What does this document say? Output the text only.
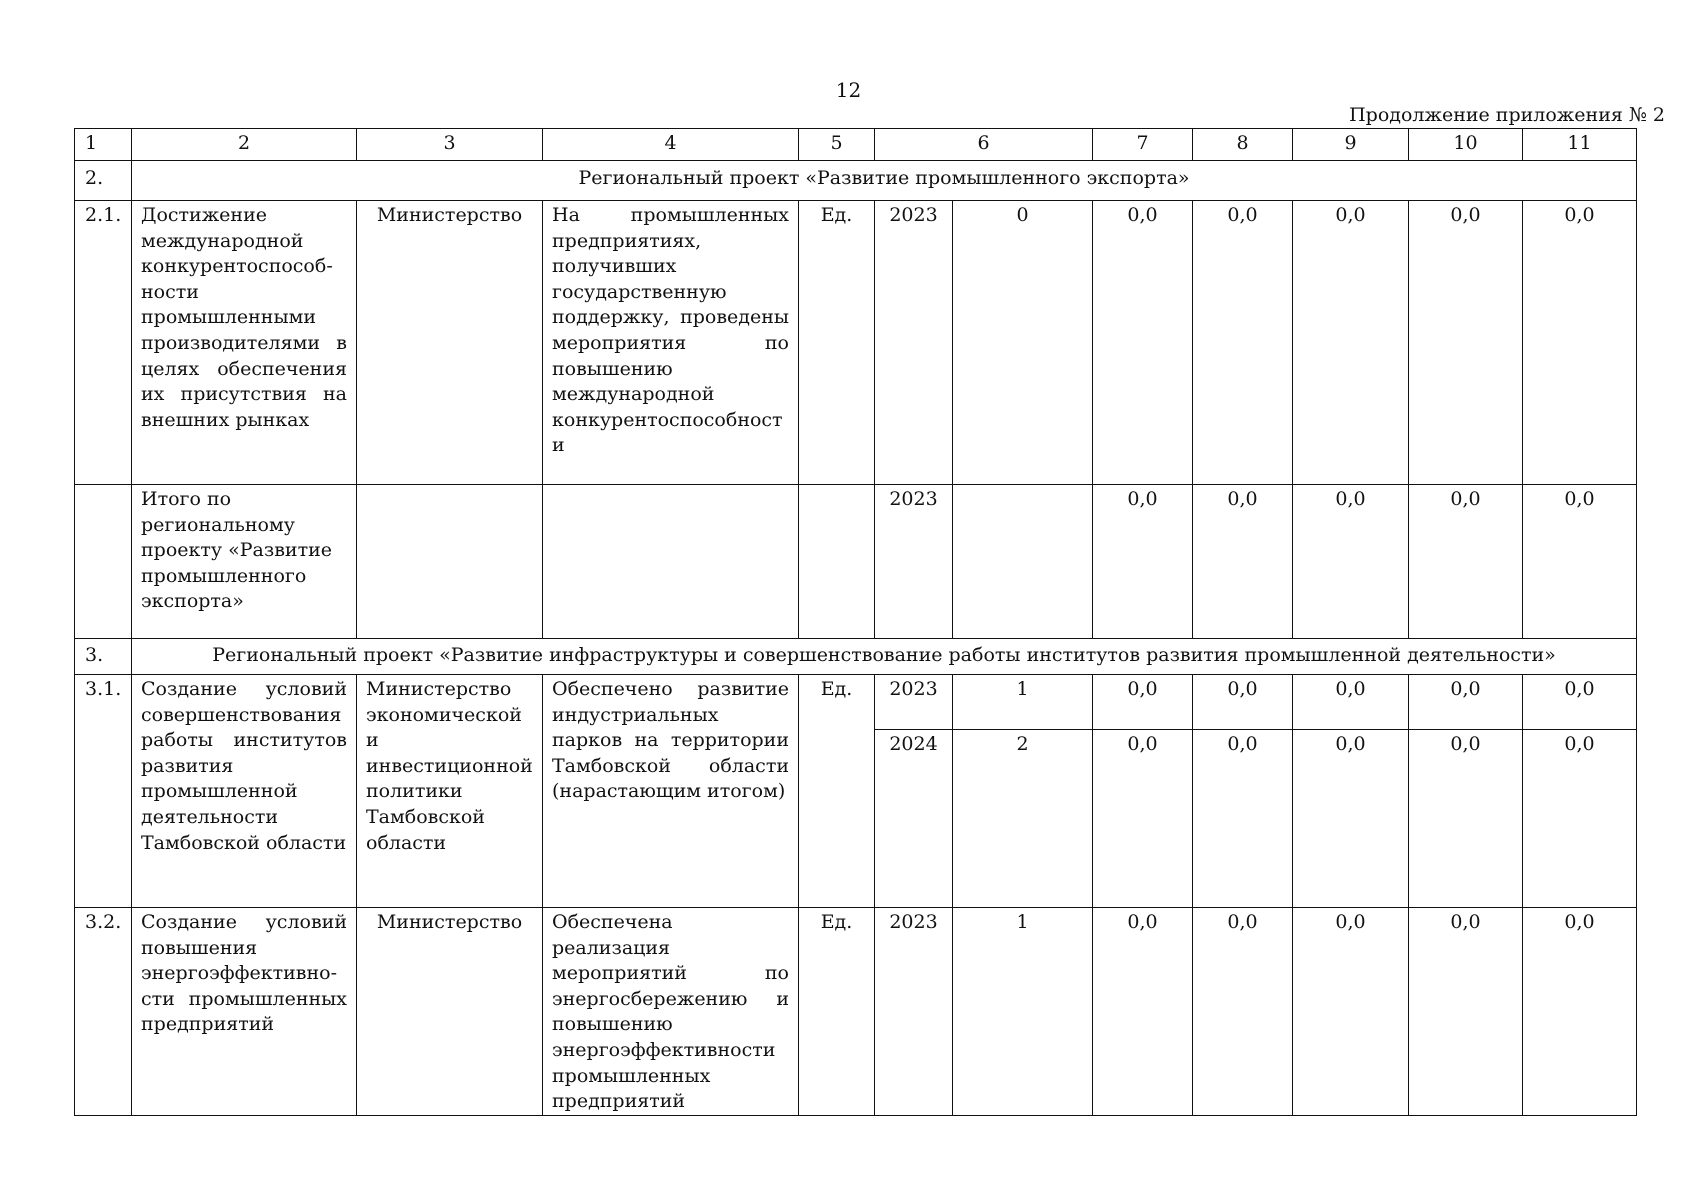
12
Продолжение приложения № 2
1	2	3	4	5	6		7	8	9	10	11
2.	Региональный проект «Развитие промышленного экспорта»										
2.1.	Достижение международной конкурентоспособ-ности промышленными производителями в целях обеспечения их присутствия на внешних рынках	Министерство	На промышленных предприятиях, получивших государственную поддержку, проведены мероприятия по повышению международной конкурентоспособности	Ед.	2023	0	0,0	0,0	0,0	0,0	0,0
	Итого по региональному проекту «Развитие промышленного экспорта»				2023		0,0	0,0	0,0	0,0	0,0
3.	Региональный проект «Развитие инфраструктуры и совершенствование работы институтов развития промышленной деятельности»										
3.1.	Создание условий совершенствования работы институтов развития промышленной деятельности Тамбовской области	Министерство экономической и инвестиционной политики Тамбовской области	Обеспечено развитие индустриальных парков на территории Тамбовской области (нарастающим итогом)	Ед.	2023	1	0,0	0,0	0,0	0,0	0,0
					2024	2	0,0	0,0	0,0	0,0	0,0
3.2.	Создание условий повышения энергоэффективно-сти промышленных предприятий	Министерство	Обеспечена реализация мероприятий по энергосбережению и повышению энергоэффективности промышленных предприятий	Ед.	2023	1	0,0	0,0	0,0	0,0	0,0
